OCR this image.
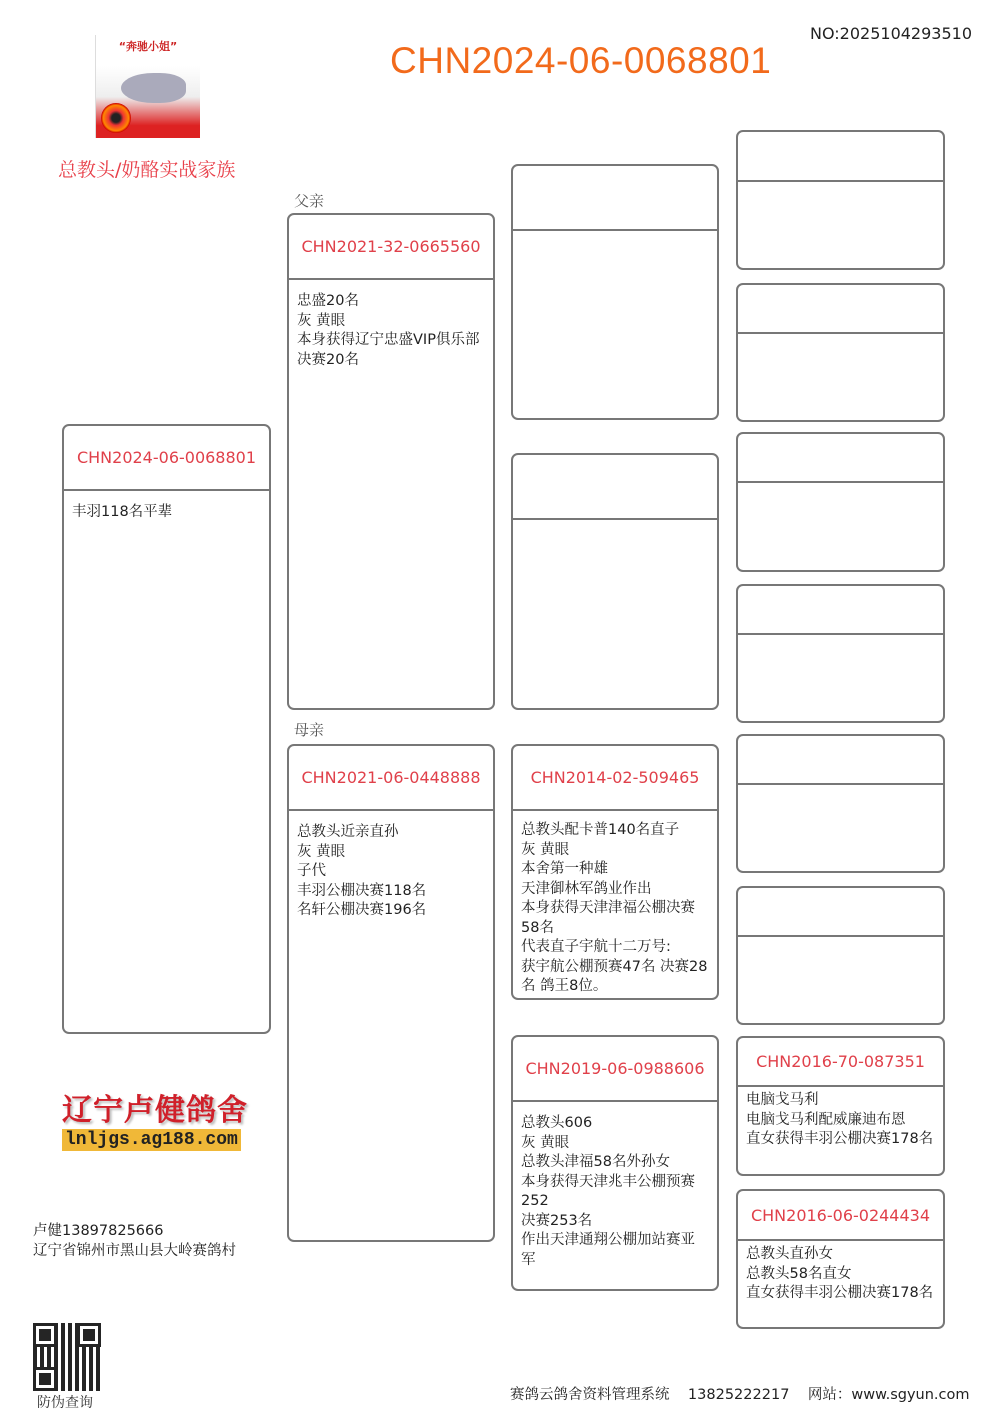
“奔驰小姐”
总教头/奶酪实战家族
CHN2024-06-0068801
NO:2025104293510
父亲
母亲
CHN2024-06-0068801
丰羽118名平辈
CHN2021-32-0665560
忠盛20名
灰 黄眼
本身获得辽宁忠盛VIP俱乐部决赛20名
CHN2021-06-0448888
总教头近亲直孙
灰 黄眼
子代
丰羽公棚决赛118名
名轩公棚决赛196名
CHN2014-02-509465
总教头配卡普140名直子
灰 黄眼
本舍第一种雄
天津御林军鸽业作出
本身获得天津津福公棚决赛58名
代表直子宇航十二万号:
获宇航公棚预赛47名 决赛28名 鸽王8位。
CHN2019-06-0988606
总教头606
灰 黄眼
总教头津福58名外孙女
本身获得天津兆丰公棚预赛252
决赛253名
作出天津通翔公棚加站赛亚军
CHN2016-70-087351
电脑戈马利
电脑戈马利配威廉迪布恩
直女获得丰羽公棚决赛178名
CHN2016-06-0244434
总教头直孙女
总教头58名直女
直女获得丰羽公棚决赛178名
辽宁卢健鸽舍
lnljgs.ag188.com
卢健13897825666
辽宁省锦州市黑山县大岭赛鸽村
防伪查询	赛鸽云鸽舍资料管理系统    13825222217    网站：www.sgyun.com
